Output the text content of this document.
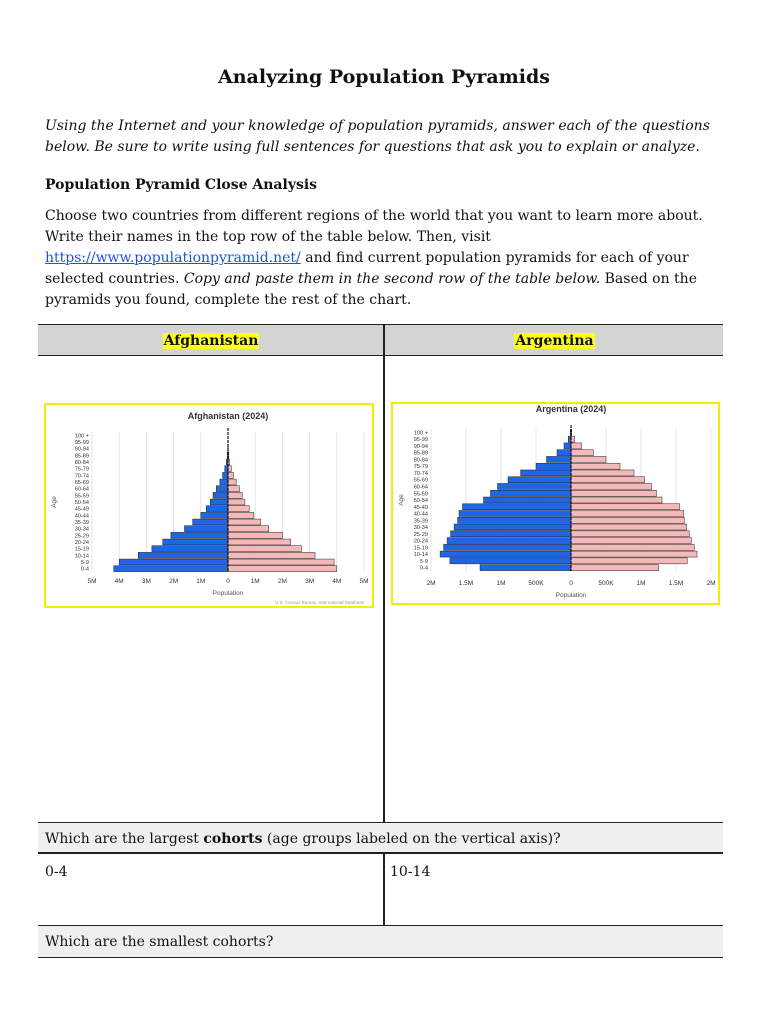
Analyzing Population Pyramids
Using the Internet and your knowledge of population pyramids, answer each of the questions below. Be sure to write using full sentences for questions that ask you to explain or analyze.
Population Pyramid Close Analysis
Choose two countries from different regions of the world that you want to learn more about. Write their names in the top row of the table below. Then, visit https://www.populationpyramid.net/ and find current population pyramids for each of your selected countries. Copy and paste them in the second row of the table below. Based on the pyramids you found, complete the rest of the chart.
Afghanistan	Argentina
5M	4M	3M	2M	1M	0	1M	2M	3M	4M	5M
0-4
5-9
10-14
15-19
20-24
25-29
30-34
35-39
40-44
45-49
50-54
55-59
60-64
65-69
70-74
75-79
80-84
85-89
90-94
95-99
100 +
Afghanistan (2024)
Population
Age
U.S. Census Bureau, International Database
2M	1.5M	1M	500K	0	500K	1M	1.5M	2M
0-4
5-9
10-14
15-19
20-24
25-29
30-34
35-39
40-44
45-49
50-54
55-59
60-64
65-69
70-74
75-79
80-84
85-89
90-94
95-99
100 +
Argentina (2024)
Population
Age
Which are the largest cohorts (age groups labeled on the vertical axis)?
0-4	10-14
Which are the smallest cohorts?
